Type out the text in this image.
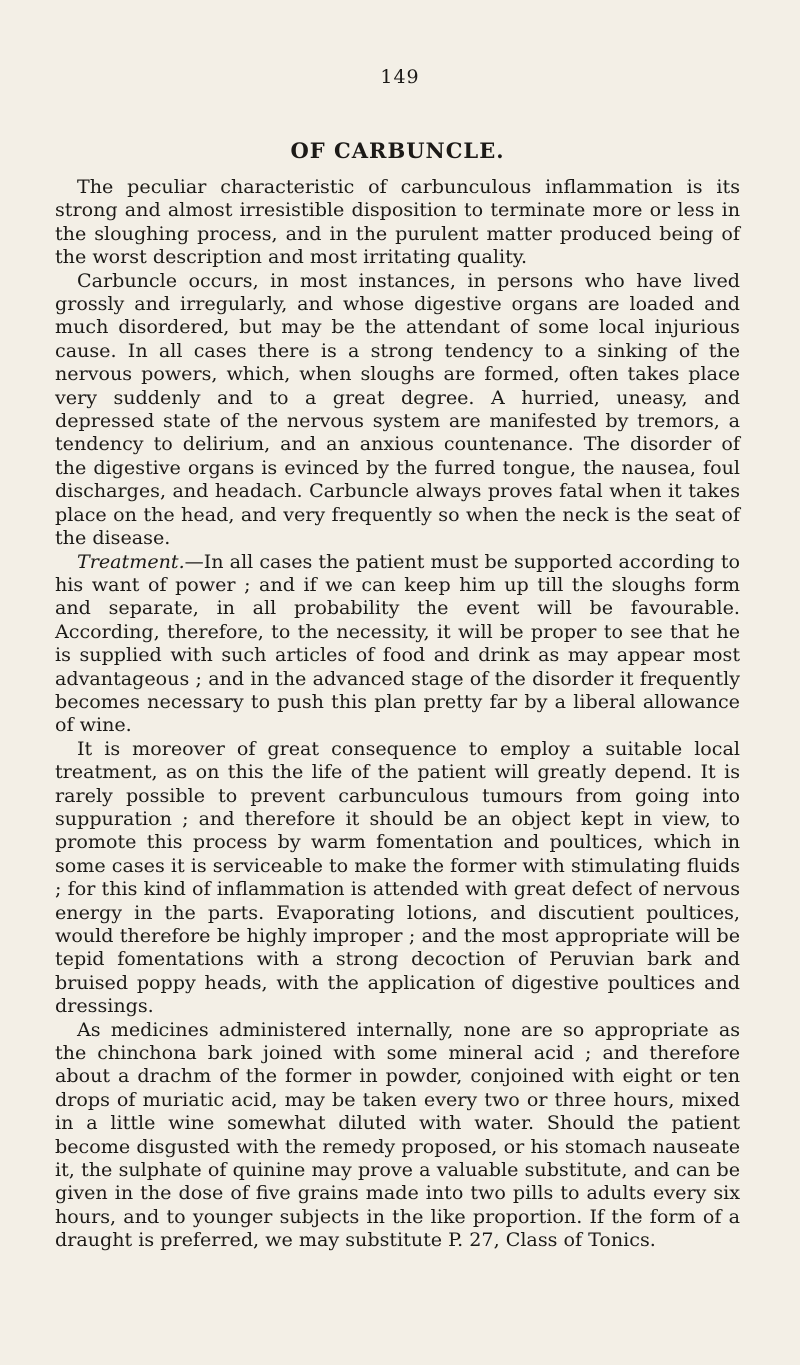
149
OF CARBUNCLE.

The peculiar characteristic of carbunculous inflammation is its strong and almost irresistible disposition to terminate more or less in the sloughing process, and in the purulent matter produced being of the worst description and most irritating quality.

Carbuncle occurs, in most instances, in persons who have lived grossly and irregularly, and whose digestive organs are loaded and much disordered, but may be the attendant of some local injurious cause. In all cases there is a strong tendency to a sinking of the nervous powers, which, when sloughs are formed, often takes place very suddenly and to a great degree. A hurried, uneasy, and depressed state of the nervous system are manifested by tremors, a tendency to delirium, and an anxious countenance. The disorder of the digestive organs is evinced by the furred tongue, the nausea, foul discharges, and headach. Carbuncle always proves fatal when it takes place on the head, and very frequently so when the neck is the seat of the disease.

Treatment.—In all cases the patient must be supported according to his want of power ; and if we can keep him up till the sloughs form and separate, in all probability the event will be favourable. According, therefore, to the necessity, it will be proper to see that he is supplied with such articles of food and drink as may appear most advantageous ; and in the advanced stage of the disorder it frequently becomes necessary to push this plan pretty far by a liberal allowance of wine.

It is moreover of great consequence to employ a suitable local treatment, as on this the life of the patient will greatly depend. It is rarely possible to prevent carbunculous tumours from going into suppuration ; and therefore it should be an object kept in view, to promote this process by warm fomentation and poultices, which in some cases it is serviceable to make the former with stimulating fluids ; for this kind of inflammation is attended with great defect of nervous energy in the parts. Evaporating lotions, and discutient poultices, would therefore be highly improper ; and the most appropriate will be tepid fomentations with a strong decoction of Peruvian bark and bruised poppy heads, with the application of digestive poultices and dressings.

As medicines administered internally, none are so appropriate as the chinchona bark joined with some mineral acid ; and therefore about a drachm of the former in powder, conjoined with eight or ten drops of muriatic acid, may be taken every two or three hours, mixed in a little wine somewhat diluted with water. Should the patient become disgusted with the remedy proposed, or his stomach nauseate it, the sulphate of quinine may prove a valuable substitute, and can be given in the dose of five grains made into two pills to adults every six hours, and to younger subjects in the like proportion. If the form of a draught is preferred, we may substitute P. 27, Class of Tonics.
